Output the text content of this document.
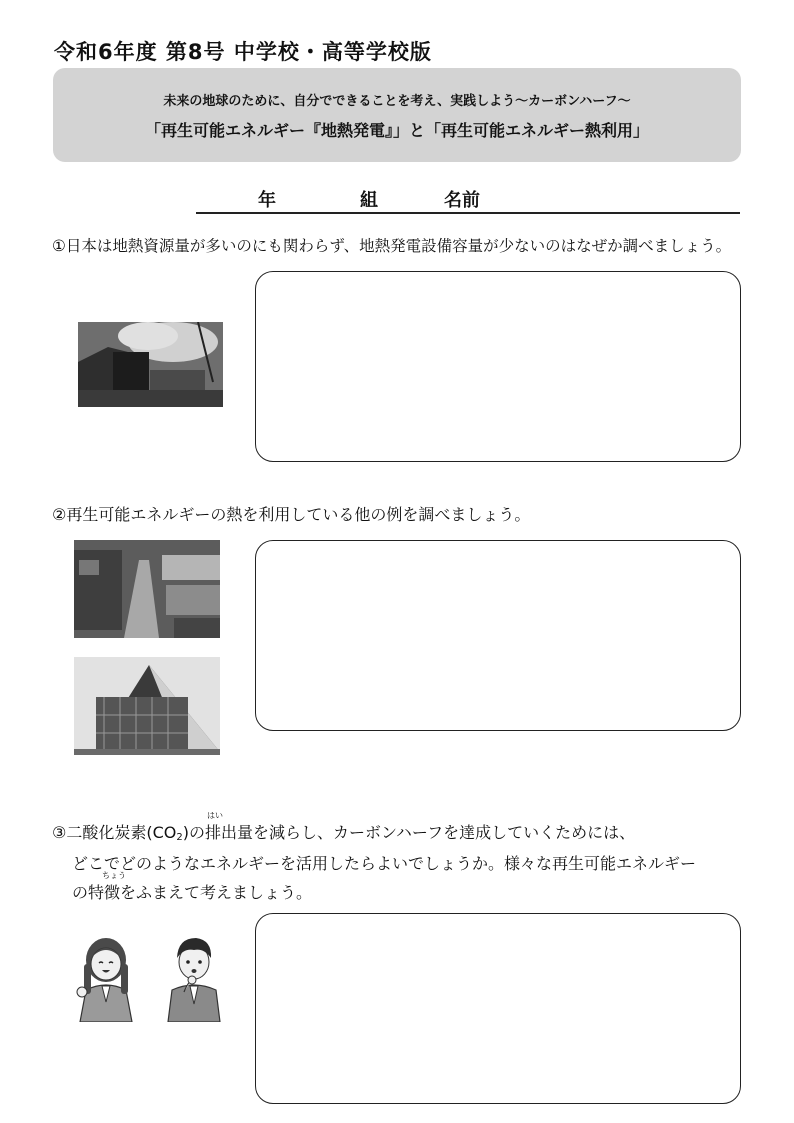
令和6年度 第8号 中学校・高等学校版
未来の地球のために、自分でできることを考え、実践しよう～カーボンハーフ～
「再生可能エネルギー『地熱発電』」と「再生可能エネルギー熱利用」
年	組	名前
①日本は地熱資源量が多いのにも関わらず、地熱発電設備容量が少ないのはなぜか調べましょう。
②再生可能エネルギーの熱を利用している他の例を調べましょう。
③二酸化炭素$(CO_2)$の
はい
排出量を減らし、カーボンハーフを達成していくためには、
どこでどのようなエネルギーを活用したらよいでしょうか。様々な再生可能エネルギー
の特
ちょう
徴をふまえて考えましょう。
